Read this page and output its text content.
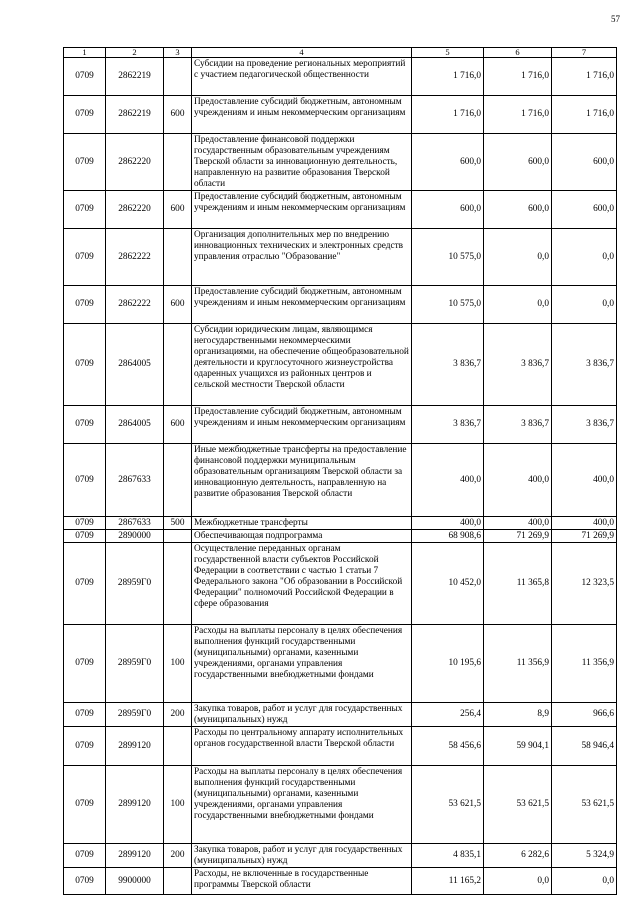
57
1	2	3	4	5	6	7
0709	2862219		Субсидии на проведение региональных мероприятий с участием педагогической общественности	1 716,0	1 716,0	1 716,0
0709	2862219	600	Предоставление субсидий бюджетным, автономным учреждениям и иным некоммерческим организациям	1 716,0	1 716,0	1 716,0
0709	2862220		Предоставление финансовой поддержки государственным образовательным учреждениям Тверской области за инновационную деятельность, направленную на развитие образования Тверской области	600,0	600,0	600,0
0709	2862220	600	Предоставление субсидий бюджетным, автономным учреждениям и иным некоммерческим организациям	600,0	600,0	600,0
0709	2862222		Организация дополнительных мер по внедрению инновационных технических и электронных средств управления отраслью "Образование"	10 575,0	0,0	0,0
0709	2862222	600	Предоставление субсидий бюджетным, автономным учреждениям и иным некоммерческим организациям	10 575,0	0,0	0,0
0709	2864005		Субсидии юридическим лицам, являющимся негосударственными некоммерческими организациями, на обеспечение общеобразовательной деятельности и круглосуточного жизнеустройства одаренных учащихся из районных центров и сельской местности Тверской области	3 836,7	3 836,7	3 836,7
0709	2864005	600	Предоставление субсидий бюджетным, автономным учреждениям и иным некоммерческим организациям	3 836,7	3 836,7	3 836,7
0709	2867633		Иные межбюджетные трансферты на предоставление финансовой поддержки муниципальным образовательным организациям Тверской области за инновационную деятельность, направленную на развитие образования Тверской области	400,0	400,0	400,0
0709	2867633	500	Межбюджетные трансферты	400,0	400,0	400,0
0709	2890000		Обеспечивающая подпрограмма	68 908,6	71 269,9	71 269,9
0709	28959Г0		Осуществление переданных органам государственной власти субъектов Российской Федерации в соответствии с частью 1 статьи 7 Федерального закона "Об образовании в Российской Федерации" полномочий Российской Федерации в сфере образования	10 452,0	11 365,8	12 323,5
0709	28959Г0	100	Расходы на выплаты персоналу в целях обеспечения выполнения функций государственными (муниципальными) органами, казенными учреждениями, органами управления государственными внебюджетными фондами	10 195,6	11 356,9	11 356,9
0709	28959Г0	200	Закупка товаров, работ и услуг для государственных (муниципальных) нужд	256,4	8,9	966,6
0709	2899120		Расходы по центральному аппарату исполнительных органов государственной власти Тверской области	58 456,6	59 904,1	58 946,4
0709	2899120	100	Расходы на выплаты персоналу в целях обеспечения выполнения функций государственными (муниципальными) органами, казенными учреждениями, органами управления государственными внебюджетными фондами	53 621,5	53 621,5	53 621,5
0709	2899120	200	Закупка товаров, работ и услуг для государственных (муниципальных) нужд	4 835,1	6 282,6	5 324,9
0709	9900000		Расходы, не включенные в государственные программы Тверской области	11 165,2	0,0	0,0
